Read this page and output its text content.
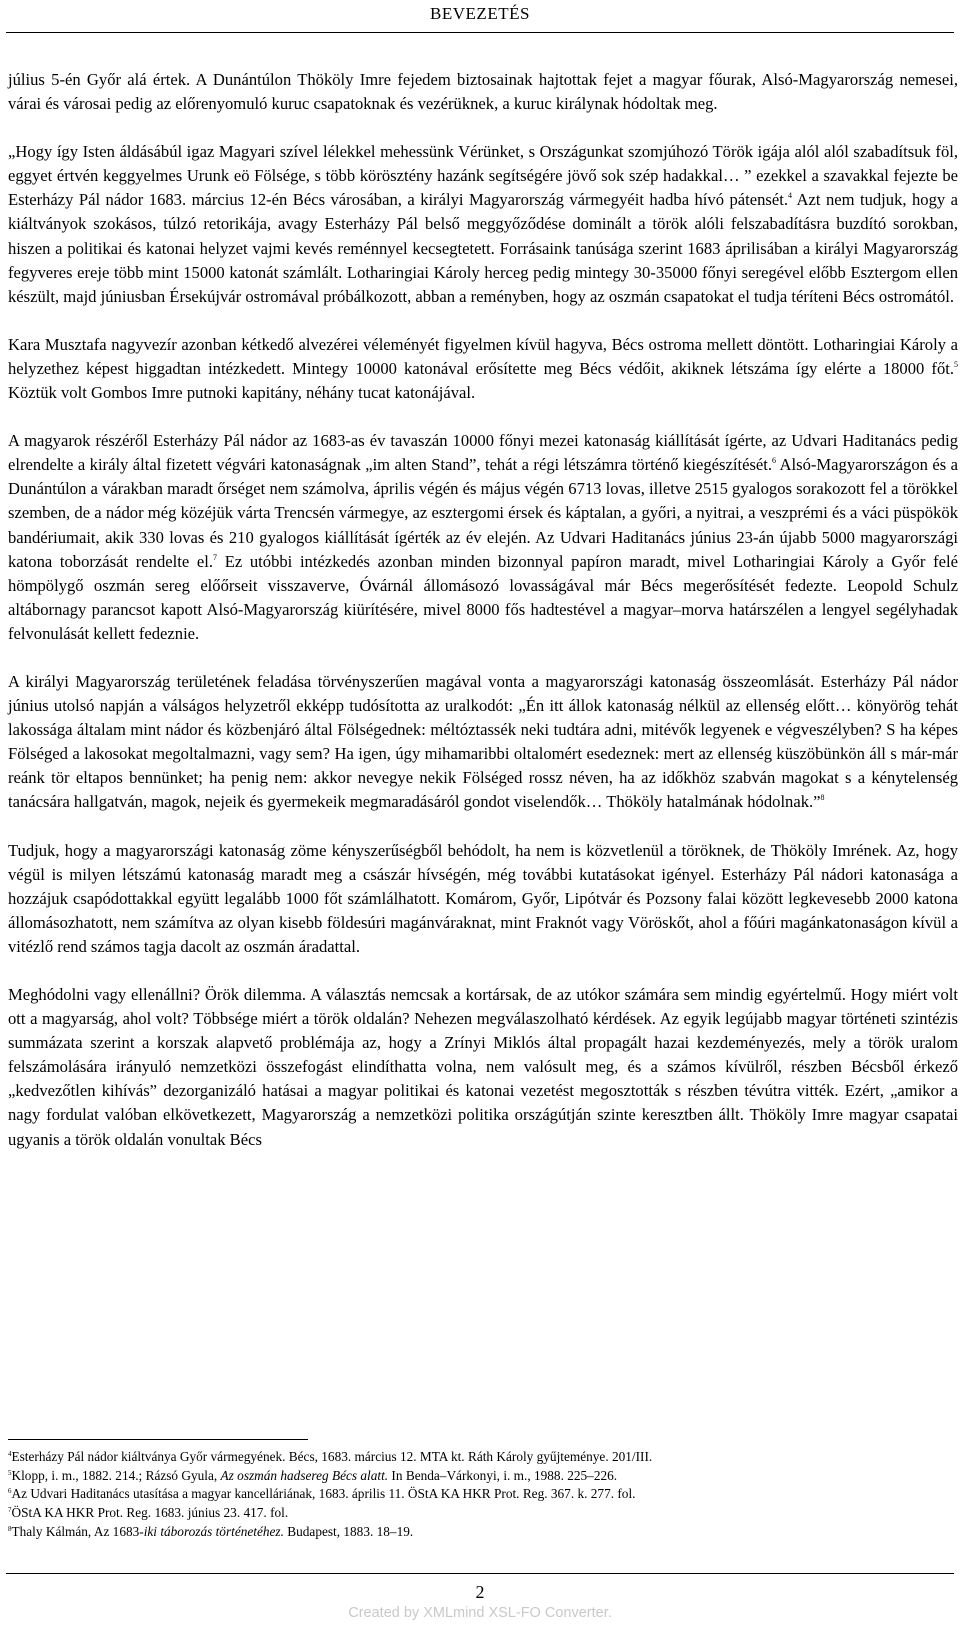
BEVEZETÉS

július 5-én Győr alá értek. A Dunántúlon Thököly Imre fejedem biztosainak hajtottak fejet a magyar főurak, Alsó-Magyarország nemesei, várai és városai pedig az előrenyomuló kuruc csapatoknak és vezérüknek, a kuruc királynak hódoltak meg.

„Hogy így Isten áldásábúl igaz Magyari szível lélekkel mehessünk Vérünket, s Országunkat szomjúhozó Török igája alól alól szabadítsuk föl, eggyet értvén keggyelmes Urunk eö Fölsége, s több körösztény hazánk segítségére jövő sok szép hadakkal… ” ezekkel a szavakkal fejezte be Esterházy Pál nádor 1683. március 12-én Bécs városában, a királyi Magyarország vármegyéit hadba hívó pátensét.$^4$ Azt nem tudjuk, hogy a kiáltványok szokásos, túlzó retorikája, avagy Esterházy Pál belső meggyőződése dominált a török alóli felszabadításra buzdító sorokban, hiszen a politikai és katonai helyzet vajmi kevés reménnyel kecsegtetett. Forrásaink tanúsága szerint 1683 áprilisában a királyi Magyarország fegyveres ereje több mint 15000 katonát számlált. Lotharingiai Károly herceg pedig mintegy 30-35000 főnyi seregével előbb Esztergom ellen készült, majd júniusban Érsekújvár ostromával próbálkozott, abban a reményben, hogy az oszmán csapatokat el tudja téríteni Bécs ostromától.

Kara Musztafa nagyvezír azonban kétkedő alvezérei véleményét figyelmen kívül hagyva, Bécs ostroma mellett döntött. Lotharingiai Károly a helyzethez képest higgadtan intézkedett. Mintegy 10000 katonával erősítette meg Bécs védőit, akiknek létszáma így elérte a 18000 főt.$^5$ Köztük volt Gombos Imre putnoki kapitány, néhány tucat katonájával.

A magyarok részéről Esterházy Pál nádor az 1683-as év tavaszán 10000 főnyi mezei katonaság kiállítását ígérte, az Udvari Haditanács pedig elrendelte a király által fizetett végvári katonaságnak „im alten Stand”, tehát a régi létszámra történő kiegészítését.$^6$ Alsó-Magyarországon és a Dunántúlon a várakban maradt őrséget nem számolva, április végén és május végén 6713 lovas, illetve 2515 gyalogos sorakozott fel a törökkel szemben, de a nádor még közéjük várta Trencsén vármegye, az esztergomi érsek és káptalan, a győri, a nyitrai, a veszprémi és a váci püspökök bandériumait, akik 330 lovas és 210 gyalogos kiállítását ígérték az év elején. Az Udvari Haditanács június 23-án újabb 5000 magyarországi katona toborzását rendelte el.$^7$ Ez utóbbi intézkedés azonban minden bizonnyal papíron maradt, mivel Lotharingiai Károly a Győr felé hömpölygő oszmán sereg előőrseit visszaverve, Óvárnál állomásozó lovasságával már Bécs megerősítését fedezte. Leopold Schulz altábornagy parancsot kapott Alsó-Magyarország kiürítésére, mivel 8000 fős hadtestével a magyar–morva határszélen a lengyel segélyhadak felvonulását kellett fedeznie.

A királyi Magyarország területének feladása törvényszerűen magával vonta a magyarországi katonaság összeomlását. Esterházy Pál nádor június utolsó napján a válságos helyzetről ekképp tudósította az uralkodót: „Én itt állok katonaság nélkül az ellenség előtt… könyörög tehát lakossága általam mint nádor és közbenjáró által Fölségednek: méltóztassék neki tudtára adni, mitévők legyenek e végveszélyben? S ha képes Fölséged a lakosokat megoltalmazni, vagy sem? Ha igen, úgy mihamaribbi oltalomért esedeznek: mert az ellenség küszöbünkön áll s már-már reánk tör eltapos bennünket; ha penig nem: akkor nevegye nekik Fölséged rossz néven, ha az időkhöz szabván magokat s a kénytelenség tanácsára hallgatván, magok, nejeik és gyermekeik megmaradásáról gondot viselendők… Thököly hatalmának hódolnak.”$^8$

Tudjuk, hogy a magyarországi katonaság zöme kényszerűségből behódolt, ha nem is közvetlenül a töröknek, de Thököly Imrének. Az, hogy végül is milyen létszámú katonaság maradt meg a császár hívségén, még további kutatásokat igényel. Esterházy Pál nádori katonasága a hozzájuk csapódottakkal együtt legalább 1000 főt számlálhatott. Komárom, Győr, Lipótvár és Pozsony falai között legkevesebb 2000 katona állomásozhatott, nem számítva az olyan kisebb földesúri magánváraknat, mint Fraknót vagy Vöröskőt, ahol a főúri magánkatonaságon kívül a vitézlő rend számos tagja dacolt az oszmán áradattal.

Meghódolni vagy ellenállni? Örök dilemma. A választás nemcsak a kortársak, de az utókor számára sem mindig egyértelmű. Hogy miért volt ott a magyarság, ahol volt? Többsége miért a török oldalán? Nehezen megválaszolható kérdések. Az egyik legújabb magyar történeti szintézis summázata szerint a korszak alapvető problémája az, hogy a Zrínyi Miklós által propagált hazai kezdeményezés, mely a török uralom felszámolására irányuló nemzetközi összefogást elindíthatta volna, nem valósult meg, és a számos kívülről, részben Bécsből érkező „kedvezőtlen kihívás” dezorganizáló hatásai a magyar politikai és katonai vezetést megosztották s részben tévútra vitték. Ezért, „amikor a nagy fordulat valóban elkövetkezett, Magyarország a nemzetközi politika országútján szinte keresztben állt. Thököly Imre magyar csapatai ugyanis a török oldalán vonultak Bécs

$^4$Esterházy Pál nádor kiáltványa Győr vármegyének. Bécs, 1683. március 12. MTA kt. Ráth Károly gyűjteménye. 201/III.
$^5$Klopp, i. m., 1882. 214.; Rázsó Gyula, Az oszmán hadsereg Bécs alatt. In Benda–Várkonyi, i. m., 1988. 225–226.
$^6$Az Udvari Haditanács utasítása a magyar kancelláriának, 1683. április 11. ÖStA KA HKR Prot. Reg. 367. k. 277. fol.
$^7$ÖStA KA HKR Prot. Reg. 1683. június 23. 417. fol.
$^8$Thaly Kálmán, Az 1683-iki táborozás történetéhez. Budapest, 1883. 18–19.
2
Created by XMLmind XSL-FO Converter.
